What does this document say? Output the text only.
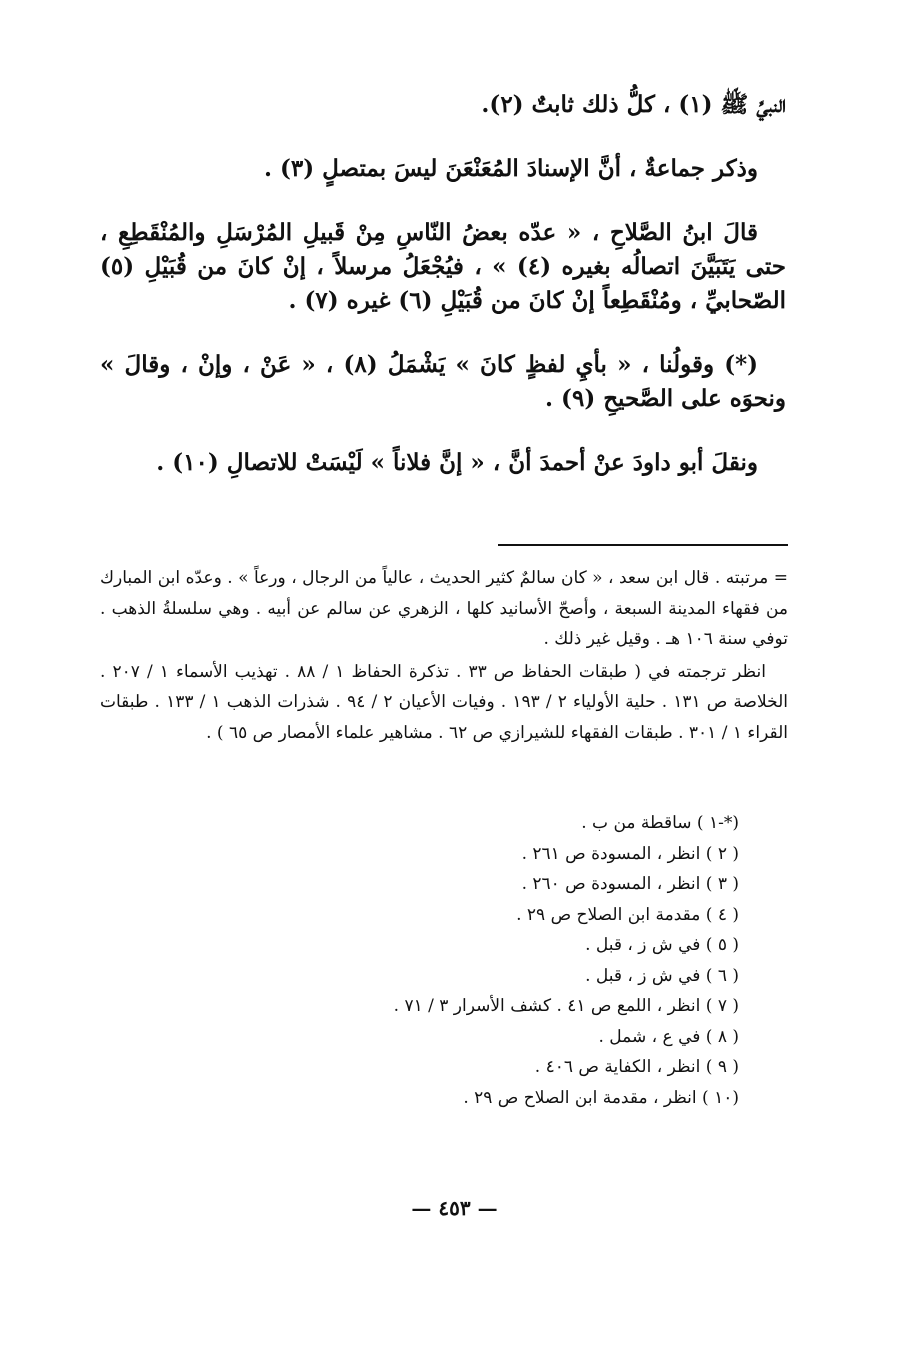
النبيِّ ﷺ (١) ، كلُّ ذلك ثابتٌ (٢).

وذكر جماعةٌ ، أنَّ الإسنادَ المُعَنْعَنَ ليسَ بمتصلٍ (٣) .

قالَ ابنُ الصَّلاحِ ، « عدّه بعضُ النّاسِ مِنْ قَبيلِ المُرْسَلِ والمُنْقَطِعِ ، حتى يَتَبَيَّنَ اتصالُه بغيره (٤) » ، فيُجْعَلُ مرسلاً ، إنْ كانَ من قُبَيْلِ (٥) الصّحابيِّ ، ومُنْقَطِعاً إنْ كانَ من قُبَيْلِ (٦) غيره (٧) .

(*) وقولُنا ، « بأيِ لفظٍ كانَ » يَشْمَلُ (٨) ، « عَنْ ، وإنْ ، وقالَ » ونحوَه على الصَّحيحِ (٩) .

ونقلَ أبو داودَ عنْ أحمدَ أنَّ ، « إنَّ فلاناً » لَيْسَتْ للاتصالِ (١٠) .

= مرتبته . قال ابن سعد ، « كان سالمٌ كثير الحديث ، عالياً من الرجال ، ورعاً » . وعدّه ابن المبارك من فقهاء المدينة السبعة ، وأصحّ الأسانيد كلها ، الزهري عن سالم عن أبيه . وهي سلسلةُ الذهب . توفي سنة ١٠٦ هـ . وقيل غير ذلك .

انظر ترجمته في ( طبقات الحفاظ ص ٣٣ . تذكرة الحفاظ ١ / ٨٨ . تهذيب الأسماء ١ / ٢٠٧ . الخلاصة ص ١٣١ . حلية الأولياء ٢ / ١٩٣ . وفيات الأعيان ٢ / ٩٤ . شذرات الذهب ١ / ١٣٣ . طبقات القراء ١ / ٣٠١ . طبقات الفقهاء للشيرازي ص ٦٢ . مشاهير علماء الأمصار ص ٦٥ ) .

(*-١ ) ساقطة من ب .
( ٢ ) انظر ، المسودة ص ٢٦١ .
( ٣ ) انظر ، المسودة ص ٢٦٠ .
( ٤ ) مقدمة ابن الصلاح ص ٢٩ .
( ٥ ) في ش ز ، قبل .
( ٦ ) في ش ز ، قبل .
( ٧ ) انظر ، اللمع ص ٤١ . كشف الأسرار ٣ / ٧١ .
( ٨ ) في ع ، شمل .
( ٩ ) انظر ، الكفاية ص ٤٠٦ .
(١٠ ) انظر ، مقدمة ابن الصلاح ص ٢٩ .
— ٤٥٣ —
